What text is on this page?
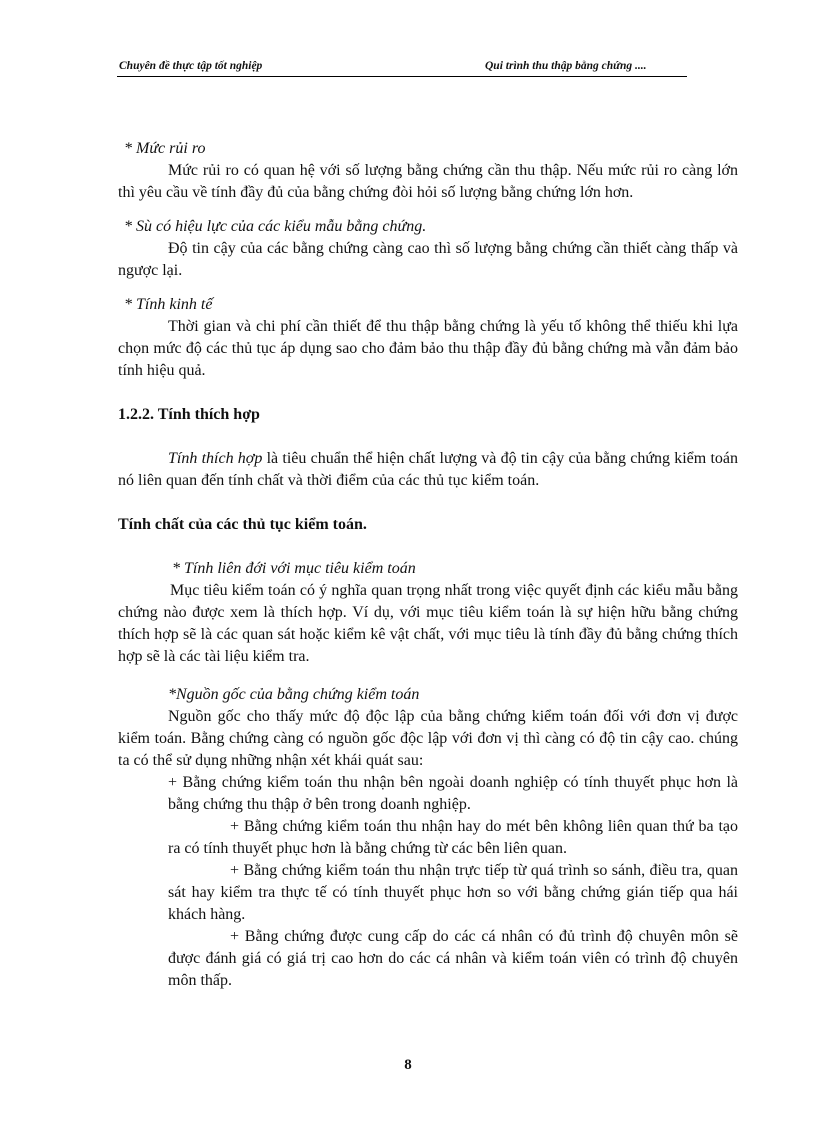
Chuyên đề thực tập tốt nghiệp	Qui trình thu thập bằng chứng ....

* Mức rủi ro

Mức rủi ro có quan hệ với số lượng bằng chứng cần thu thập. Nếu mức rủi ro càng lớn thì yêu cầu về tính đầy đủ của bằng chứng đòi hỏi số lượng bằng chứng lớn hơn.

* Sù có hiệu lực của các kiểu mẫu bằng chứng.

Độ tin cậy của các bằng chứng càng cao thì số lượng bằng chứng cần thiết càng thấp và ngược lại.

* Tính kinh tế

Thời gian và chi phí cần thiết để thu thập bằng chứng là yếu tố không thể thiếu khi lựa chọn mức độ các thủ tục áp dụng sao cho đảm bảo thu thập đầy đủ bằng chứng mà vẫn đảm bảo tính hiệu quả.

1.2.2. Tính thích hợp

Tính thích hợp là tiêu chuẩn thể hiện chất lượng và độ tin cậy của bằng chứng kiểm toán nó liên quan đến tính chất và thời điểm của các thủ tục kiểm toán.

Tính chất của các thủ tục kiểm toán.

* Tính liên đới với mục tiêu kiểm toán

Mục tiêu kiểm toán có ý nghĩa quan trọng nhất trong việc quyết định các kiểu mẫu bằng chứng nào được xem là thích hợp. Ví dụ, với mục tiêu kiểm toán là sự hiện hữu bằng chứng thích hợp sẽ là các quan sát hoặc kiểm kê vật chất, với mục tiêu là tính đầy đủ bằng chứng thích hợp sẽ là các tài liệu kiểm tra.

*Nguồn gốc của bằng chứng kiểm toán

Nguồn gốc cho thấy mức độ độc lập của bằng chứng kiểm toán đối với đơn vị được kiểm toán. Bằng chứng càng có nguồn gốc độc lập với đơn vị thì càng có độ tin cậy cao. chúng ta có thể sử dụng những nhận xét khái quát sau:

+ Bằng chứng kiểm toán thu nhận bên ngoài doanh nghiệp có tính thuyết phục hơn là bằng chứng thu thập ở bên trong doanh nghiệp.

+ Bằng chứng kiểm toán thu nhận hay do mét bên không liên quan thứ ba tạo ra có tính thuyết phục hơn là bằng chứng từ các bên liên quan.

+ Bằng chứng kiểm toán thu nhận trực tiếp từ quá trình so sánh, điều tra, quan sát hay kiểm tra thực tế có tính thuyết phục hơn so với bằng chứng gián tiếp qua hái khách hàng.

+ Bằng chứng được cung cấp do các cá nhân có đủ trình độ chuyên môn sẽ được đánh giá có giá trị cao hơn do các cá nhân và kiểm toán viên có trình độ chuyên môn thấp.

8
